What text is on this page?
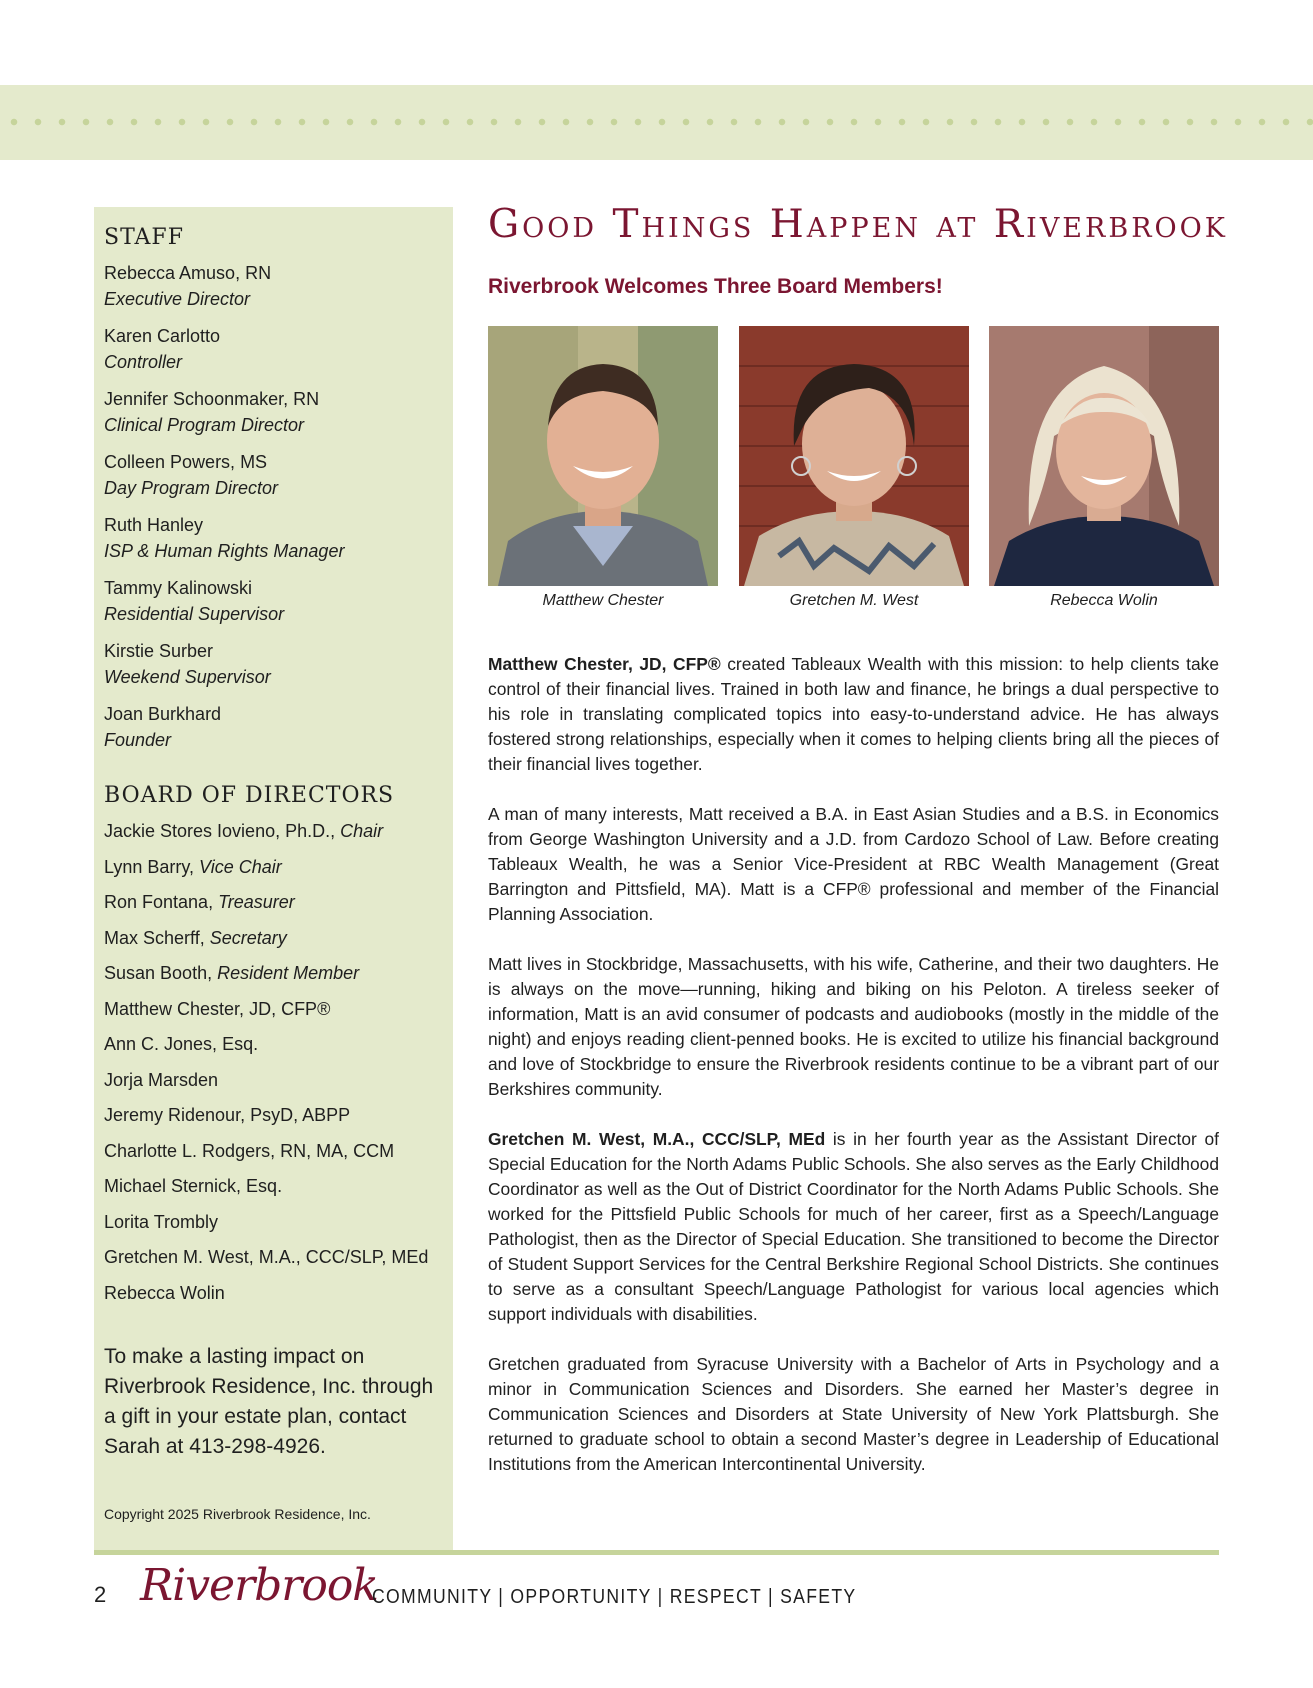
STAFF
Rebecca Amuso, RN
Executive Director
Karen Carlotto
Controller
Jennifer Schoonmaker, RN
Clinical Program Director
Colleen Powers, MS
Day Program Director
Ruth Hanley
ISP & Human Rights Manager
Tammy Kalinowski
Residential Supervisor
Kirstie Surber
Weekend Supervisor
Joan Burkhard
Founder
BOARD OF DIRECTORS
Jackie Stores Iovieno, Ph.D., Chair
Lynn Barry, Vice Chair
Ron Fontana, Treasurer
Max Scherff, Secretary
Susan Booth, Resident Member
Matthew Chester, JD, CFP®
Ann C. Jones, Esq.
Jorja Marsden
Jeremy Ridenour, PsyD, ABPP
Charlotte L. Rodgers, RN, MA, CCM
Michael Sternick, Esq.
Lorita Trombly
Gretchen M. West, M.A., CCC/SLP, MEd
Rebecca Wolin
To make a lasting impact on Riverbrook Residence, Inc. through a gift in your estate plan, contact Sarah at 413-298-4926.
Copyright 2025 Riverbrook Residence, Inc.
Good Things Happen at Riverbrook
Riverbrook Welcomes Three Board Members!
Matthew Chester	Gretchen M. West	Rebecca Wolin

Matthew Chester, JD, CFP® created Tableaux Wealth with this mission: to help clients take control of their financial lives. Trained in both law and finance, he brings a dual perspective to his role in translating complicated topics into easy-to-understand advice. He has always fostered strong relationships, especially when it comes to helping clients bring all the pieces of their financial lives together.

A man of many interests, Matt received a B.A. in East Asian Studies and a B.S. in Economics from George Washington University and a J.D. from Cardozo School of Law. Before creating Tableaux Wealth, he was a Senior Vice-President at RBC Wealth Management (Great Barrington and Pittsfield, MA). Matt is a CFP® professional and member of the Financial Planning Association.

Matt lives in Stockbridge, Massachusetts, with his wife, Catherine, and their two daughters. He is always on the move—running, hiking and biking on his Peloton. A tireless seeker of information, Matt is an avid consumer of podcasts and audiobooks (mostly in the middle of the night) and enjoys reading client-penned books. He is excited to utilize his financial background and love of Stockbridge to ensure the Riverbrook residents continue to be a vibrant part of our Berkshires community.

Gretchen M. West, M.A., CCC/SLP, MEd is in her fourth year as the Assistant Director of Special Education for the North Adams Public Schools. She also serves as the Early Childhood Coordinator as well as the Out of District Coordinator for the North Adams Public Schools. She worked for the Pittsfield Public Schools for much of her career, first as a Speech/Language Pathologist, then as the Director of Special Education. She transitioned to become the Director of Student Support Services for the Central Berkshire Regional School Districts. She continues to serve as a consultant Speech/Language Pathologist for various local agencies which support individuals with disabilities.

Gretchen graduated from Syracuse University with a Bachelor of Arts in Psychology and a minor in Communication Sciences and Disorders. She earned her Master’s degree in Communication Sciences and Disorders at State University of New York Plattsburgh. She returned to graduate school to obtain a second Master’s degree in Leadership of Educational Institutions from the American Intercontinental University.

2 Riverbrook
COMMUNITY | OPPORTUNITY | RESPECT | SAFETY
